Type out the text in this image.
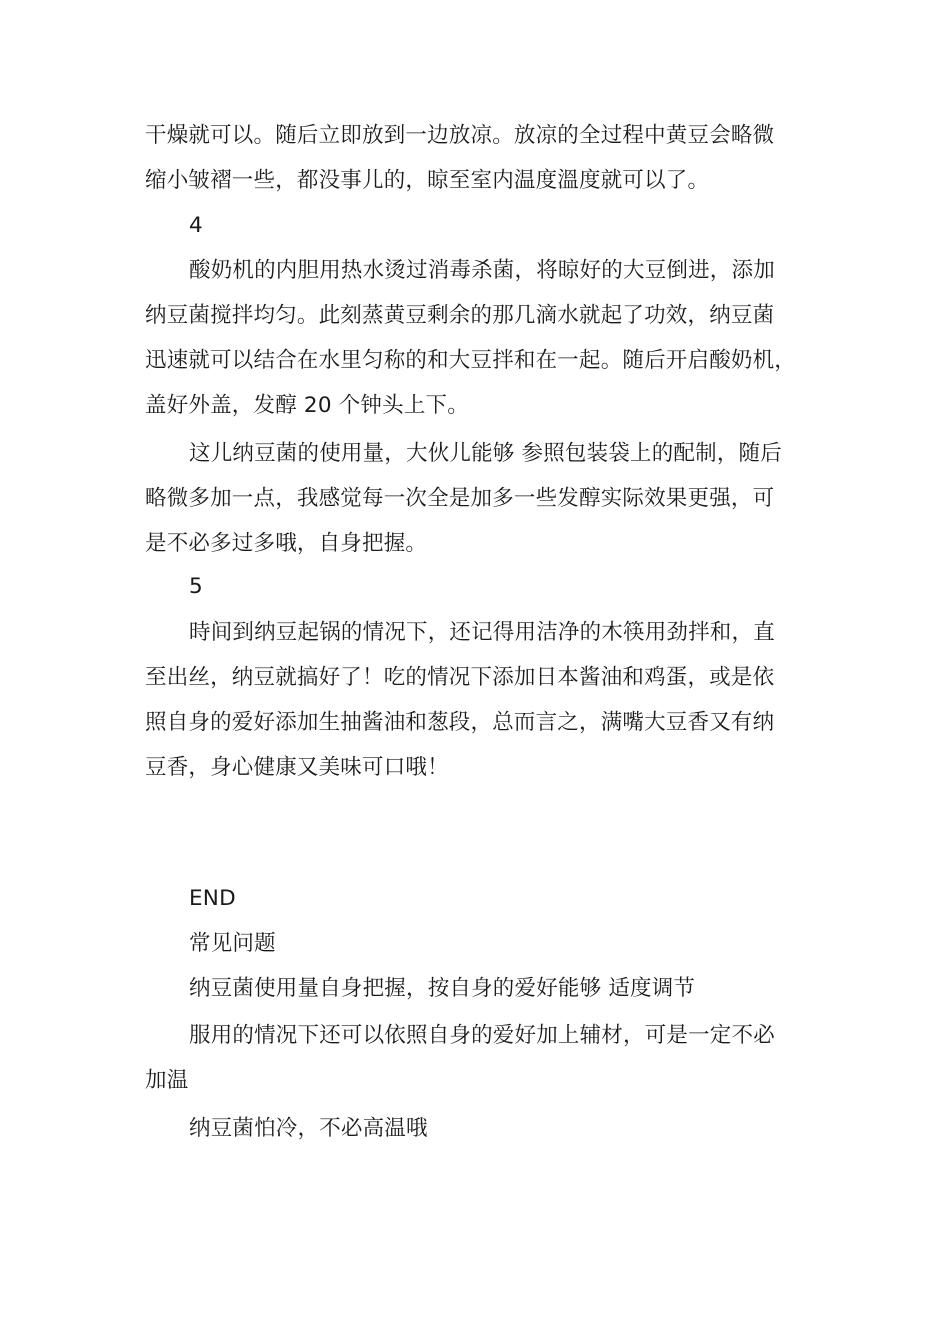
干燥就可以。随后立即放到一边放凉。放凉的全过程中黄豆会略微
缩小皱褶一些，都没事儿的，晾至室内温度溫度就可以了。
4
酸奶机的内胆用热水烫过消毒杀菌，将晾好的大豆倒进，添加
纳豆菌搅拌均匀。此刻蒸黄豆剩余的那几滴水就起了功效，纳豆菌
迅速就可以结合在水里匀称的和大豆拌和在一起。随后开启酸奶机，
盖好外盖，发醇 20 个钟头上下。
这儿纳豆菌的使用量，大伙儿能够 参照包装袋上的配制，随后
略微多加一点，我感觉每一次全是加多一些发醇实际效果更强，可
是不必多过多哦，自身把握。
5
時间到纳豆起锅的情况下，还记得用洁净的木筷用劲拌和，直
至出丝，纳豆就搞好了！吃的情况下添加日本酱油和鸡蛋，或是依
照自身的爱好添加生抽酱油和葱段，总而言之，满嘴大豆香又有纳
豆香，身心健康又美味可口哦！
END
常见问题
纳豆菌使用量自身把握，按自身的爱好能够 适度调节
服用的情况下还可以依照自身的爱好加上辅材，可是一定不必
加温
纳豆菌怕冷，不必高温哦
